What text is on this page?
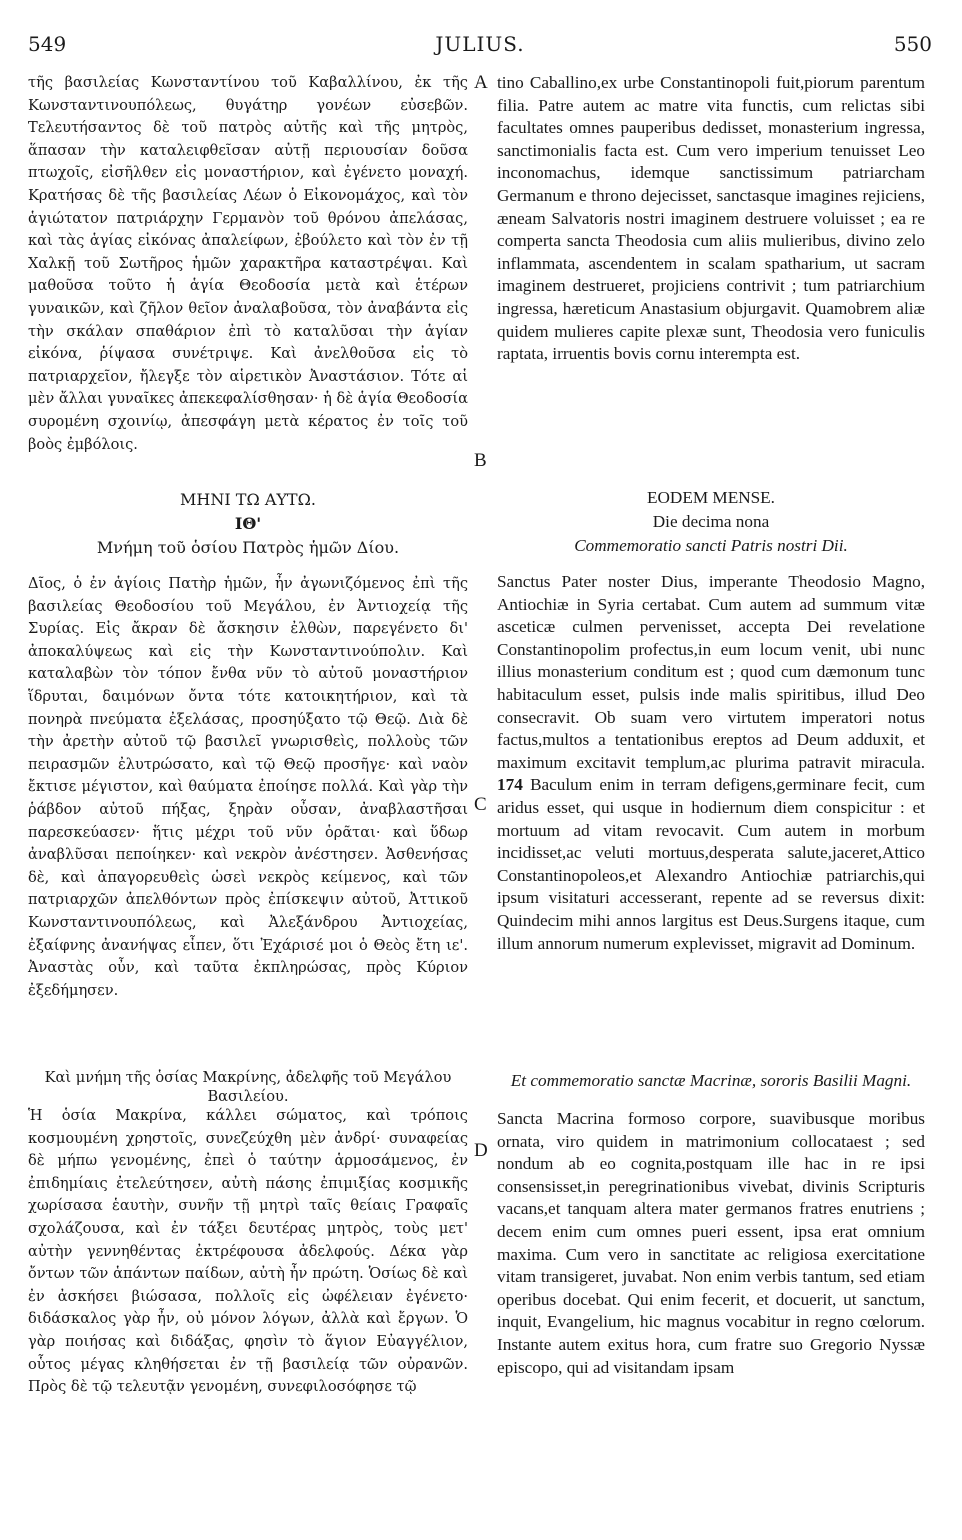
549	JULIUS.	550

τῆς βασιλείας Κωνσταντίνου τοῦ Καβαλλίνου, ἐκ τῆς Κωνσταντινουπόλεως, θυγάτηρ γονέων εὐσεβῶν. Τελευτήσαντος δὲ τοῦ πατρὸς αὐτῆς καὶ τῆς μητρὸς, ἅπασαν τὴν καταλειφθεῖσαν αὐτῇ περιουσίαν δοῦσα πτωχοῖς, εἰσῆλθεν εἰς μοναστήριον, καὶ ἐγένετο μοναχή. Κρατήσας δὲ τῆς βασιλείας Λέων ὁ Εἰκονομάχος, καὶ τὸν ἁγιώτατον πατριάρχην Γερμανὸν τοῦ θρόνου ἀπελάσας, καὶ τὰς ἁγίας εἰκόνας ἀπαλείφων, ἐβούλετο καὶ τὸν ἐν τῇ Χαλκῇ τοῦ Σωτῆρος ἡμῶν χαρακτῆρα καταστρέψαι. Καὶ μαθοῦσα τοῦτο ἡ ἁγία Θεοδοσία μετὰ καὶ ἑτέρων γυναικῶν, καὶ ζῆλον θεῖον ἀναλαβοῦσα, τὸν ἀναβάντα εἰς τὴν σκάλαν σπαθάριον ἐπὶ τὸ καταλῦσαι τὴν ἁγίαν εἰκόνα, ῥίψασα συνέτριψε. Καὶ ἀνελθοῦσα εἰς τὸ πατριαρχεῖον, ἤλεγξε τὸν αἱρετικὸν Ἀναστάσιον. Τότε αἱ μὲν ἄλλαι γυναῖκες ἀπεκεφαλίσθησαν· ἡ δὲ ἁγία Θεοδοσία συρομένη σχοινίῳ, ἀπεσφάγη μετὰ κέρατος ἐν τοῖς τοῦ βοὸς ἐμβόλοις.

tino Caballino,ex urbe Constantinopoli fuit,piorum parentum filia. Patre autem ac matre vita functis, cum relictas sibi facultates omnes pauperibus dedisset, monasterium ingressa, sanctimonialis facta est. Cum vero imperium tenuisset Leo inconomachus, idemque sanctissimum patriarcham Germanum e throno dejecisset, sanctasque imagines rejiciens, æneam Salvatoris nostri imaginem destruere voluisset ; ea re comperta sancta Theodosia cum aliis mulieribus, divino zelo inflammata, ascendentem in scalam spatharium, ut sacram imaginem destrueret, projiciens contrivit ; tum patriarchium ingressa, hæreticum Anastasium objurgavit. Quamobrem aliæ quidem mulieres capite plexæ sunt, Theodosia vero funiculis raptata, irruentis bovis cornu interempta est.

ΜΗΝΙ ΤΩ ΑΥΤΩ.
ΙΘ'
Μνήμη τοῦ ὁσίου Πατρὸς ἡμῶν Δίου.
EODEM MENSE.
Die decima nona
Commemoratio sancti Patris nostri Dii.

Δῖος, ὁ ἐν ἁγίοις Πατὴρ ἡμῶν, ἦν ἀγωνιζόμενος ἐπὶ τῆς βασιλείας Θεοδοσίου τοῦ Μεγάλου, ἐν Ἀντιοχείᾳ τῆς Συρίας. Εἰς ἄκραν δὲ ἄσκησιν ἐλθὼν, παρεγένετο δι' ἀποκαλύψεως καὶ εἰς τὴν Κωνσταντινούπολιν. Καὶ καταλαβὼν τὸν τόπον ἔνθα νῦν τὸ αὐτοῦ μοναστήριον ἵδρυται, δαιμόνων ὄντα τότε κατοικητήριον, καὶ τὰ πονηρὰ πνεύματα ἐξελάσας, προσηύξατο τῷ Θεῷ. Διὰ δὲ τὴν ἀρετὴν αὐτοῦ τῷ βασιλεῖ γνωρισθεὶς, πολλοὺς τῶν πειρασμῶν ἐλυτρώσατο, καὶ τῷ Θεῷ προσῆγε· καὶ ναὸν ἔκτισε μέγιστον, καὶ θαύματα ἐποίησε πολλά. Καὶ γὰρ τὴν ῥάβδον αὐτοῦ πήξας, ξηρὰν οὖσαν, ἀναβλαστῆσαι παρεσκεύασεν· ἥτις μέχρι τοῦ νῦν ὁρᾶται· καὶ ὕδωρ ἀναβλῦσαι πεποίηκεν· καὶ νεκρὸν ἀνέστησεν. Ἀσθενήσας δὲ, καὶ ἀπαγορευθεὶς ὡσεὶ νεκρὸς κείμενος, καὶ τῶν πατριαρχῶν ἀπελθόντων πρὸς ἐπίσκεψιν αὐτοῦ, Ἀττικοῦ Κωνσταντινουπόλεως, καὶ Ἀλεξάνδρου Ἀντιοχείας, ἐξαίφνης ἀνανήψας εἶπεν, ὅτι Ἐχάρισέ μοι ὁ Θεὸς ἔτη ιε'. Ἀναστὰς οὖν, καὶ ταῦτα ἐκπληρώσας, πρὸς Κύριον ἐξεδήμησεν.

Sanctus Pater noster Dius, imperante Theodosio Magno, Antiochiæ in Syria certabat. Cum autem ad summum vitæ asceticæ culmen pervenisset, accepta Dei revelatione Constantinopolim profectus,in eum locum venit, ubi nunc illius monasterium conditum est ; quod cum dæmonum tunc habitaculum esset, pulsis inde malis spiritibus, illud Deo consecravit. Ob suam vero virtutem imperatori notus factus,multos a tentationibus ereptos ad Deum adduxit, et maximum excitavit templum,ac plurima patravit miracula. 174 Baculum enim in terram defigens,germinare fecit, cum aridus esset, qui usque in hodiernum diem conspicitur : et mortuum ad vitam revocavit. Cum autem in morbum incidisset,ac veluti mortuus,desperata salute,jaceret,Attico Constantinopoleos,et Alexandro Antiochiæ patriarchis,qui ipsum visitaturi accesserant, repente ad se reversus dixit: Quindecim mihi annos largitus est Deus.Surgens itaque, cum illum annorum numerum explevisset, migravit ad Dominum.

Καὶ μνήμη τῆς ὁσίας Μακρίνης, ἀδελφῆς τοῦ Μεγάλου Βασιλείου.
Et commemoratio sanctæ Macrinæ, sororis Basilii Magni.

Ἡ ὁσία Μακρίνα, κάλλει σώματος, καὶ τρόποις κοσμουμένη χρηστοῖς, συνεζεύχθη μὲν ἀνδρί· συναφείας δὲ μήπω γενομένης, ἐπεὶ ὁ ταύτην ἁρμοσάμενος, ἐν ἐπιδημίαις ἐτελεύτησεν, αὐτὴ πάσης ἐπιμιξίας κοσμικῆς χωρίσασα ἑαυτὴν, συνῆν τῇ μητρὶ ταῖς θείαις Γραφαῖς σχολάζουσα, καὶ ἐν τάξει δευτέρας μητρὸς, τοὺς μετ' αὐτὴν γεννηθέντας ἐκτρέφουσα ἀδελφούς. Δέκα γὰρ ὄντων τῶν ἁπάντων παίδων, αὐτὴ ἦν πρώτη. Ὁσίως δὲ καὶ ἐν ἀσκήσει βιώσασα, πολλοῖς εἰς ὠφέλειαν ἐγένετο· διδάσκαλος γὰρ ἦν, οὐ μόνον λόγων, ἀλλὰ καὶ ἔργων. Ὁ γὰρ ποιήσας καὶ διδάξας, φησὶν τὸ ἅγιον Εὐαγγέλιον, οὗτος μέγας κληθήσεται ἐν τῇ βασιλείᾳ τῶν οὐρανῶν. Πρὸς δὲ τῷ τελευτᾷν γενομένη, συνεφιλοσόφησε τῷ

Sancta Macrina formoso corpore, suavibusque moribus ornata, viro quidem in matrimonium collocataest ; sed nondum ab eo cognita,postquam ille hac in re ipsi consensisset,in peregrinationibus vivebat, divinis Scripturis vacans,et tanquam altera mater germanos fratres enutriens ; decem enim cum omnes pueri essent, ipsa erat omnium maxima. Cum vero in sanctitate ac religiosa exercitatione vitam transigeret, juvabat. Non enim verbis tantum, sed etiam operibus docebat. Qui enim fecerit, et docuerit, ut sanctum, inquit, Evangelium, hic magnus vocabitur in regno cœlorum. Instante autem exitus hora, cum fratre suo Gregorio Nyssæ episcopo, qui ad visitandam ipsam

A
B
C
D
